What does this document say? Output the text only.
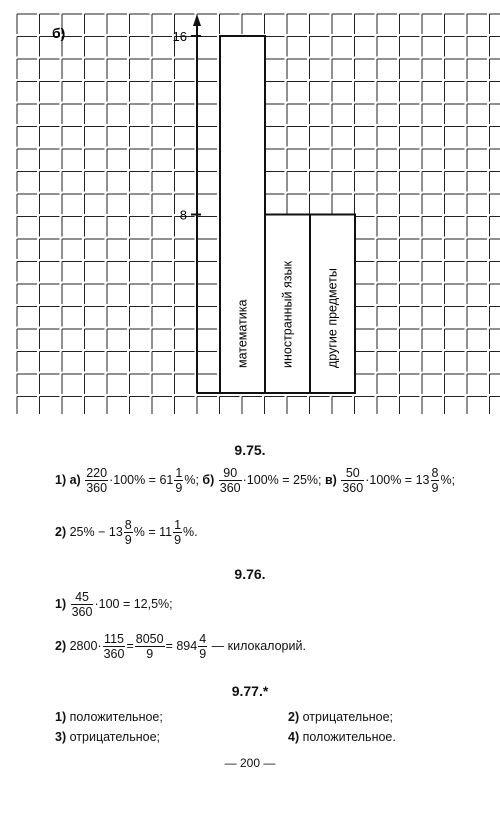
математика иностранный язык другие предметы
16
8
б)
9.75.
1) $а) \frac{220}{360} \cdot 100\% = 61 \frac{1}{9}$ %; $б) \frac{90}{360} \cdot 100\% = 25\%$; $в) \frac{50}{360} \cdot 100\% = 13 \frac{8}{9}$ %;
2) $25\% - 13 \frac{8}{9}$ % = $11 \frac{1}{9}$ %.
9.76.
$1) \frac{45}{360} \cdot 100 = 12,5\%$;
2) $2800\cdot \frac{115}{360} = \frac{8050}{9} = 894 \frac{4}{9}$ — килокалорий.
9.77.*
1) положительное;	2) отрицательное;
3) отрицательное;	4) положительное.
— 200 —
